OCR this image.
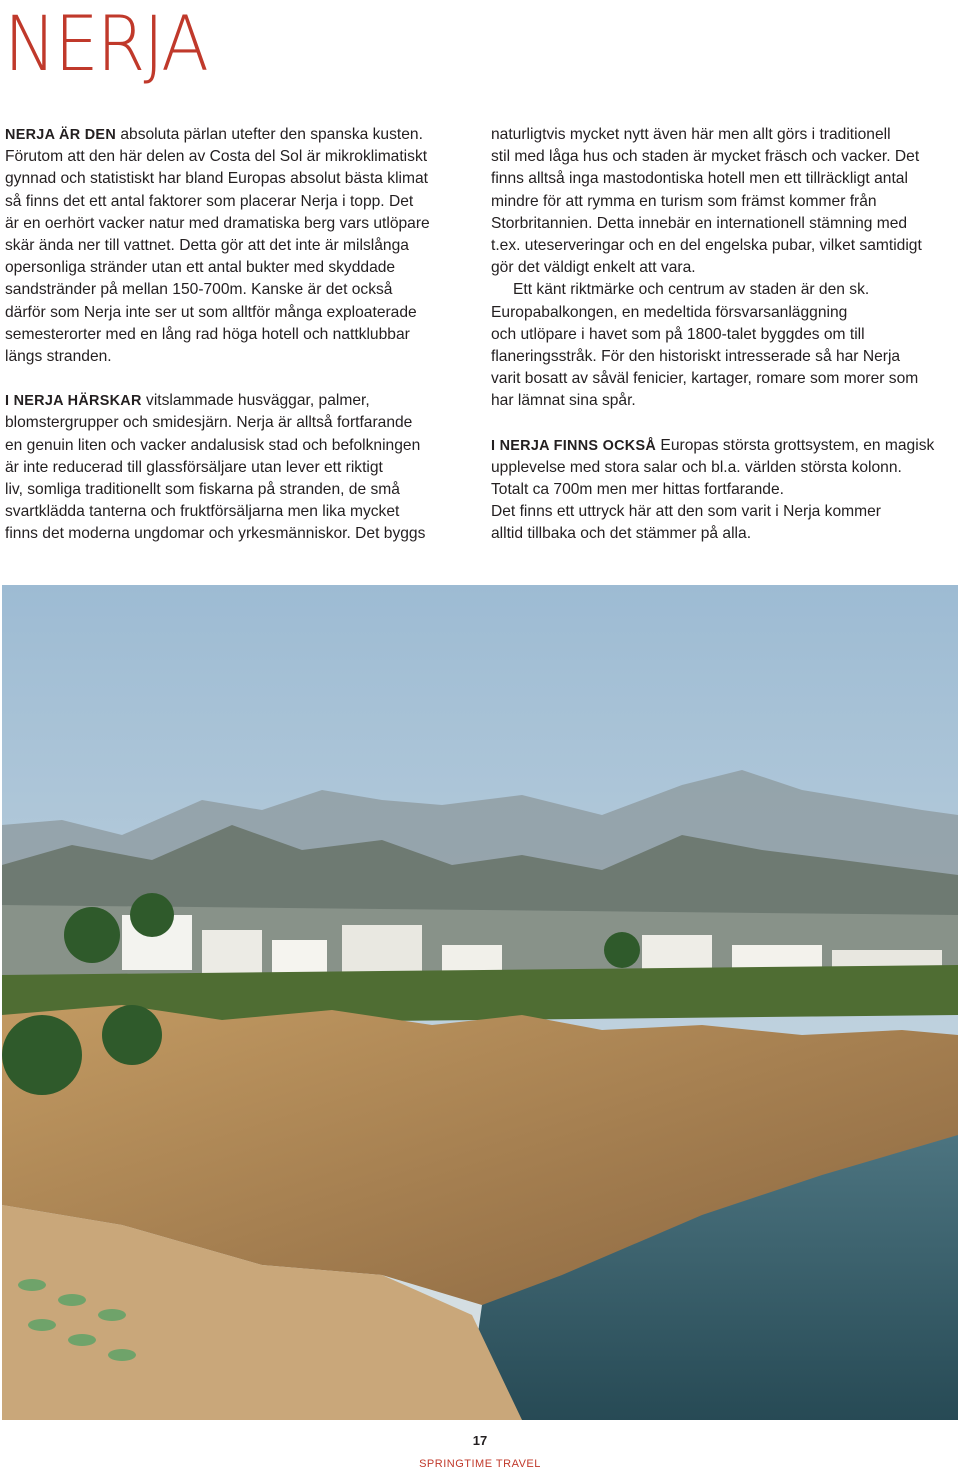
NERJA
NERJA ÄR DEN absoluta pärlan utefter den spanska kusten.
Förutom att den här delen av Costa del Sol är mikroklimatiskt
gynnad och statistiskt har bland Europas absolut bästa klimat
så finns det ett antal faktorer som placerar Nerja i topp. Det
är en oerhört vacker natur med dramatiska berg vars utlöpare
skär ända ner till vattnet. Detta gör att det inte är milslånga
opersonliga stränder utan ett antal bukter med skyddade
sandstränder på mellan 150-700m. Kanske är det också
därför som Nerja inte ser ut som alltför många exploaterade
semesterorter med en lång rad höga hotell och nattklubbar
längs stranden.
I NERJA HÄRSKAR vitslammade husväggar, palmer,
blomstergrupper och smidesjärn. Nerja är alltså fortfarande
en genuin liten och vacker andalusisk stad och befolkningen
är inte reducerad till glassförsäljare utan lever ett riktigt
liv, somliga traditionellt som fiskarna på stranden, de små
svartklädda tanterna och fruktförsäljarna men lika mycket
finns det moderna ungdomar och yrkesmänniskor. Det byggs
naturligtvis mycket nytt även här men allt görs i traditionell
stil med låga hus och staden är mycket fräsch och vacker. Det
finns alltså inga mastodontiska hotell men ett tillräckligt antal
mindre för att rymma en turism som främst kommer från
Storbritannien. Detta innebär en internationell stämning med
t.ex. uteserveringar och en del engelska pubar, vilket samtidigt
gör det väldigt enkelt att vara.
Ett känt riktmärke och centrum av staden är den sk.
Europabalkongen, en medeltida försvarsanläggning
och utlöpare i havet som på 1800-talet byggdes om till
flaneringsstråk. För den historiskt intresserade så har Nerja
varit bosatt av såväl fenicier, kartager, romare som morer som
har lämnat sina spår.
I NERJA FINNS OCKSÅ Europas största grottsystem, en magisk
upplevelse med stora salar och bl.a. världen största kolonn.
Totalt ca 700m men mer hittas fortfarande.
Det finns ett uttryck här att den som varit i Nerja kommer
alltid tillbaka och det stämmer på alla.
17
SPRINGTIME TRAVEL
